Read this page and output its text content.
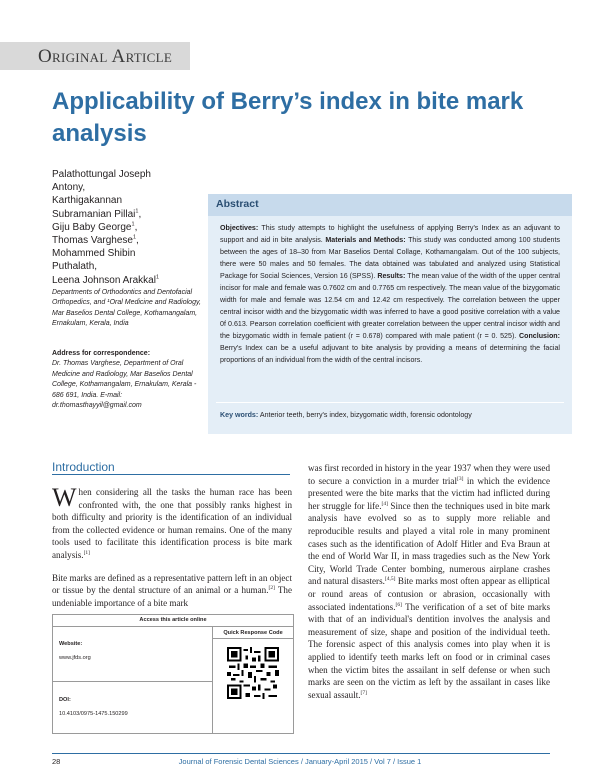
Original Article
Applicability of Berry’s index in bite mark analysis
Palathottungal Joseph
Antony,
Karthigakannan
Subramanian Pillai$^1$,
Giju Baby George$^1$,
Thomas Varghese$^1$,
Mohammed Shibin
Puthalath,
Leena Johnson Arakkal$^1$
Departments of Orthodontics and Dentofacial Orthopedics, and ¹Oral Medicine and Radiology, Mar Baselios Dental College, Kothamangalam, Ernakulam, Kerala, India
Address for correspondence:
Dr. Thomas Varghese, Department of Oral Medicine and Radiology, Mar Baselios Dental College, Kothamangalam, Ernakulam, Kerala - 686 691, India. E-mail: dr.thomasthayyil@gmail.com
Abstract
Objectives: This study attempts to highlight the usefulness of applying Berry's Index as an adjuvant to support and aid in bite analysis. Materials and Methods: This study was conducted among 100 students between the ages of 18–30 from Mar Baselios Dental Collage, Kothamangalam. Out of the 100 subjects, there were 50 males and 50 females. The data obtained was tabulated and analyzed using Statistical Package for Social Sciences, Version 16 (SPSS). Results: The mean value of the width of the upper central incisor for male and female was 0.7602 cm and 0.7765 cm respectively. The mean value of the bizygomatic width for male and female was 12.54 cm and 12.42 cm respectively. The correlation between the upper central incisor width and the bizygomatic width was inferred to have a good positive correlation with a value 0f 0.613. Pearson correlation coefficient with greater correlation between the upper central incisor width and the bizygomatic width in female patient (r = 0.678) compared with male patient (r = 0. 525). Conclusion: Berry's Index can be a useful adjuvant to bite analysis by providing a means of determining the facial proportions of an individual from the width of the central incisors.
Key words: Anterior teeth, berry's index, bizygomatic width, forensic odontology
Introduction

When considering all the tasks the human race has been confronted with, the one that possibly ranks highest in both difficulty and priority is the identification of an individual from the collected evidence or human remains. One of the many tools used to facilitate this identification process is bite mark analysis.[1]

Bite marks are defined as a representative pattern left in an object or tissue by the dental structure of an animal or a human.[2] The undeniable importance of a bite mark

was first recorded in history in the year 1937 when they were used to secure a conviction in a murder trial[3] in which the evidence presented were the bite marks that the victim had inflicted during her struggle for life.[4] Since then the techniques used in bite mark analysis have evolved so as to supply more reliable and reproducible results and played a vital role in many prominent cases such as the identification of Adolf Hitler and Eva Braun at the end of World War II, in mass tragedies such as the New York City, World Trade Center bombing, numerous airplane crashes and natural disasters.[4,5] Bite marks most often appear as elliptical or round areas of contusion or abrasion, occasionally with associated indentations.[6] The verification of a set of bite marks with that of an individual's dentition involves the analysis and measurement of size, shape and position of the individual teeth. The forensic aspect of this analysis comes into play when it is applied to identify teeth marks left on food or in criminal cases when the victim bites the assailant in self defense or when such marks are seen on the victim as left by the assailant in cases like sexual assault.[7]
Access this article online
Website:
www.jfds.org
DOI:
10.4103/0975-1475.150299
Quick Response Code
28	Journal of Forensic Dental Sciences / January-April 2015 / Vol 7 / Issue 1
